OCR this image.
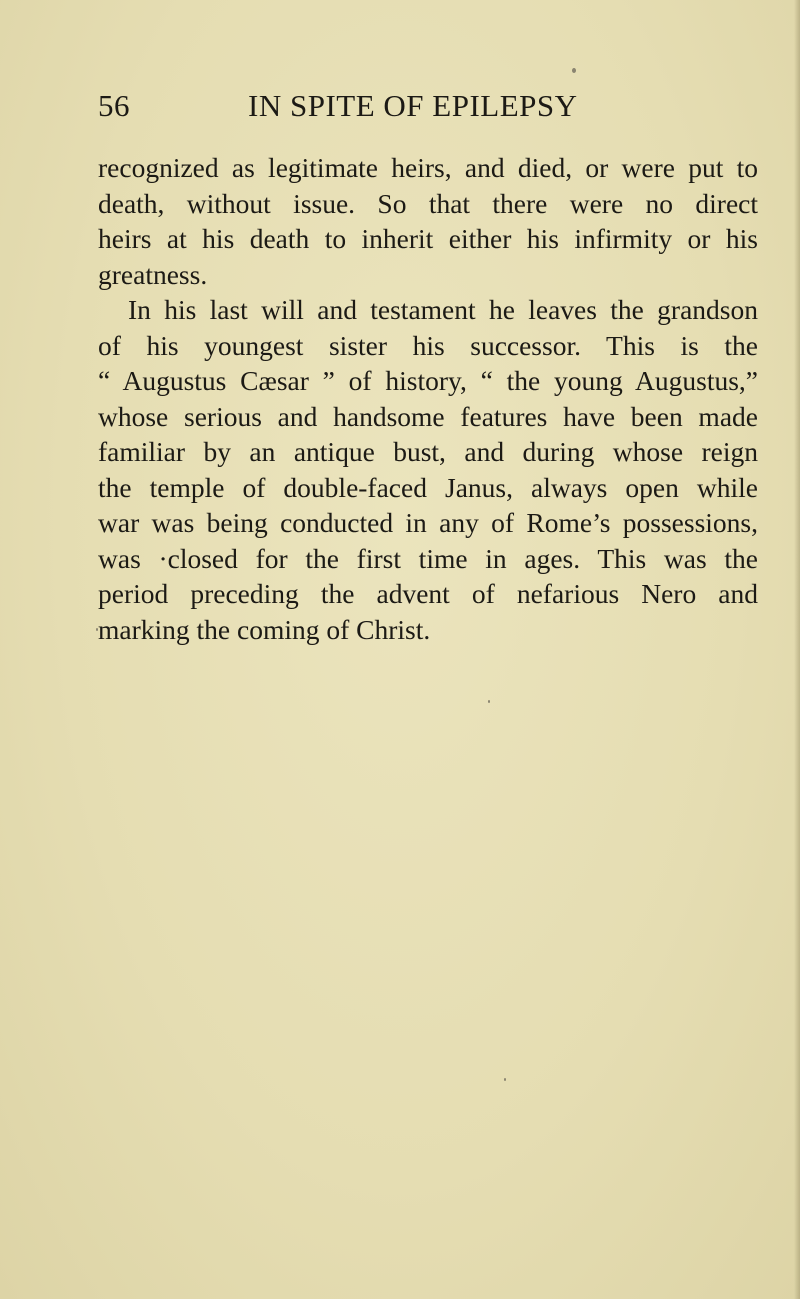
56	IN SPITE OF EPILEPSY
recognized as legitimate heirs, and died, or were put to
death, without issue. So that there were no direct
heirs at his death to inherit either his infirmity or his
greatness.
In his last will and testament he leaves the grandson
of his youngest sister his successor. This is the
“ Augustus Cæsar ” of history, “ the young Augustus,”
whose serious and handsome features have been made
familiar by an antique bust, and during whose reign
the temple of double-faced Janus, always open while
war was being conducted in any of Rome’s possessions,
was ·closed for the first time in ages. This was the
period preceding the advent of nefarious Nero and
marking the coming of Christ.
